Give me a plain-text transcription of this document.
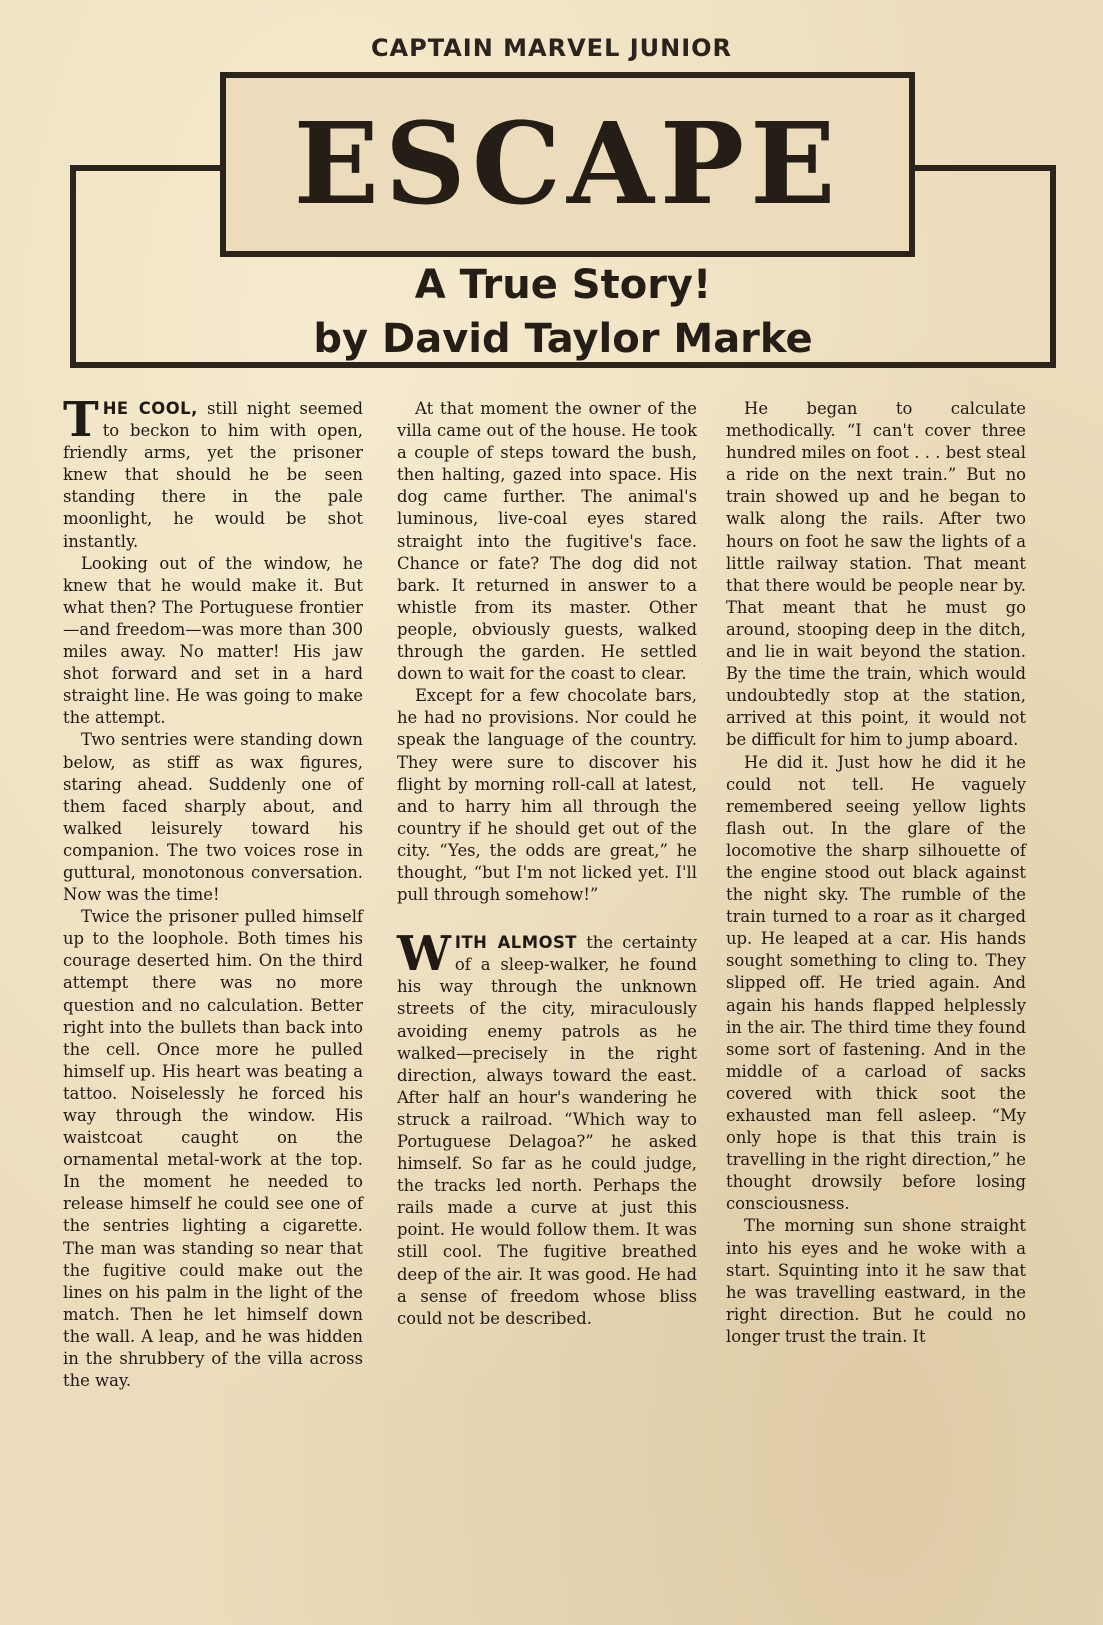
CAPTAIN MARVEL JUNIOR
ESCAPE
A True Story!
by David Taylor Marke

THE COOL, still night seemed to beckon to him with open, friendly arms, yet the prisoner knew that should he be seen standing there in the pale moonlight, he would be shot instantly.

Looking out of the window, he knew that he would make it. But what then? The Portuguese frontier—and freedom—was more than 300 miles away. No matter! His jaw shot forward and set in a hard straight line. He was going to make the attempt.

Two sentries were standing down below, as stiff as wax figures, staring ahead. Suddenly one of them faced sharply about, and walked leisurely toward his companion. The two voices rose in guttural, monotonous conversation. Now was the time!

Twice the prisoner pulled himself up to the loophole. Both times his courage deserted him. On the third attempt there was no more question and no calculation. Better right into the bullets than back into the cell. Once more he pulled himself up. His heart was beating a tattoo. Noiselessly he forced his way through the window. His waistcoat caught on the ornamental metal-work at the top. In the moment he needed to release himself he could see one of the sentries lighting a cigarette. The man was standing so near that the fugitive could make out the lines on his palm in the light of the match. Then he let himself down the wall. A leap, and he was hidden in the shrubbery of the villa across the way.

At that moment the owner of the villa came out of the house. He took a couple of steps toward the bush, then halting, gazed into space. His dog came further. The animal's luminous, live-coal eyes stared straight into the fugitive's face. Chance or fate? The dog did not bark. It returned in answer to a whistle from its master. Other people, obviously guests, walked through the garden. He settled down to wait for the coast to clear.

Except for a few chocolate bars, he had no provisions. Nor could he speak the language of the country. They were sure to discover his flight by morning roll-call at latest, and to harry him all through the country if he should get out of the city. “Yes, the odds are great,” he thought, “but I'm not licked yet. I'll pull through somehow!”

WITH ALMOST the certainty of a sleep-walker, he found his way through the unknown streets of the city, miraculously avoiding enemy patrols as he walked—precisely in the right direction, always toward the east. After half an hour's wandering he struck a railroad. “Which way to Portuguese Delagoa?” he asked himself. So far as he could judge, the tracks led north. Perhaps the rails made a curve at just this point. He would follow them. It was still cool. The fugitive breathed deep of the air. It was good. He had a sense of freedom whose bliss could not be described.

He began to calculate methodically. “I can't cover three hundred miles on foot . . . best steal a ride on the next train.” But no train showed up and he began to walk along the rails. After two hours on foot he saw the lights of a little railway station. That meant that there would be people near by. That meant that he must go around, stooping deep in the ditch, and lie in wait beyond the station. By the time the train, which would undoubtedly stop at the station, arrived at this point, it would not be difficult for him to jump aboard.

He did it. Just how he did it he could not tell. He vaguely remembered seeing yellow lights flash out. In the glare of the locomotive the sharp silhouette of the engine stood out black against the night sky. The rumble of the train turned to a roar as it charged up. He leaped at a car. His hands sought something to cling to. They slipped off. He tried again. And again his hands flapped helplessly in the air. The third time they found some sort of fastening. And in the middle of a carload of sacks covered with thick soot the exhausted man fell asleep. “My only hope is that this train is travelling in the right direction,” he thought drowsily before losing consciousness.

The morning sun shone straight into his eyes and he woke with a start. Squinting into it he saw that he was travelling eastward, in the right direction. But he could no longer trust the train. It
